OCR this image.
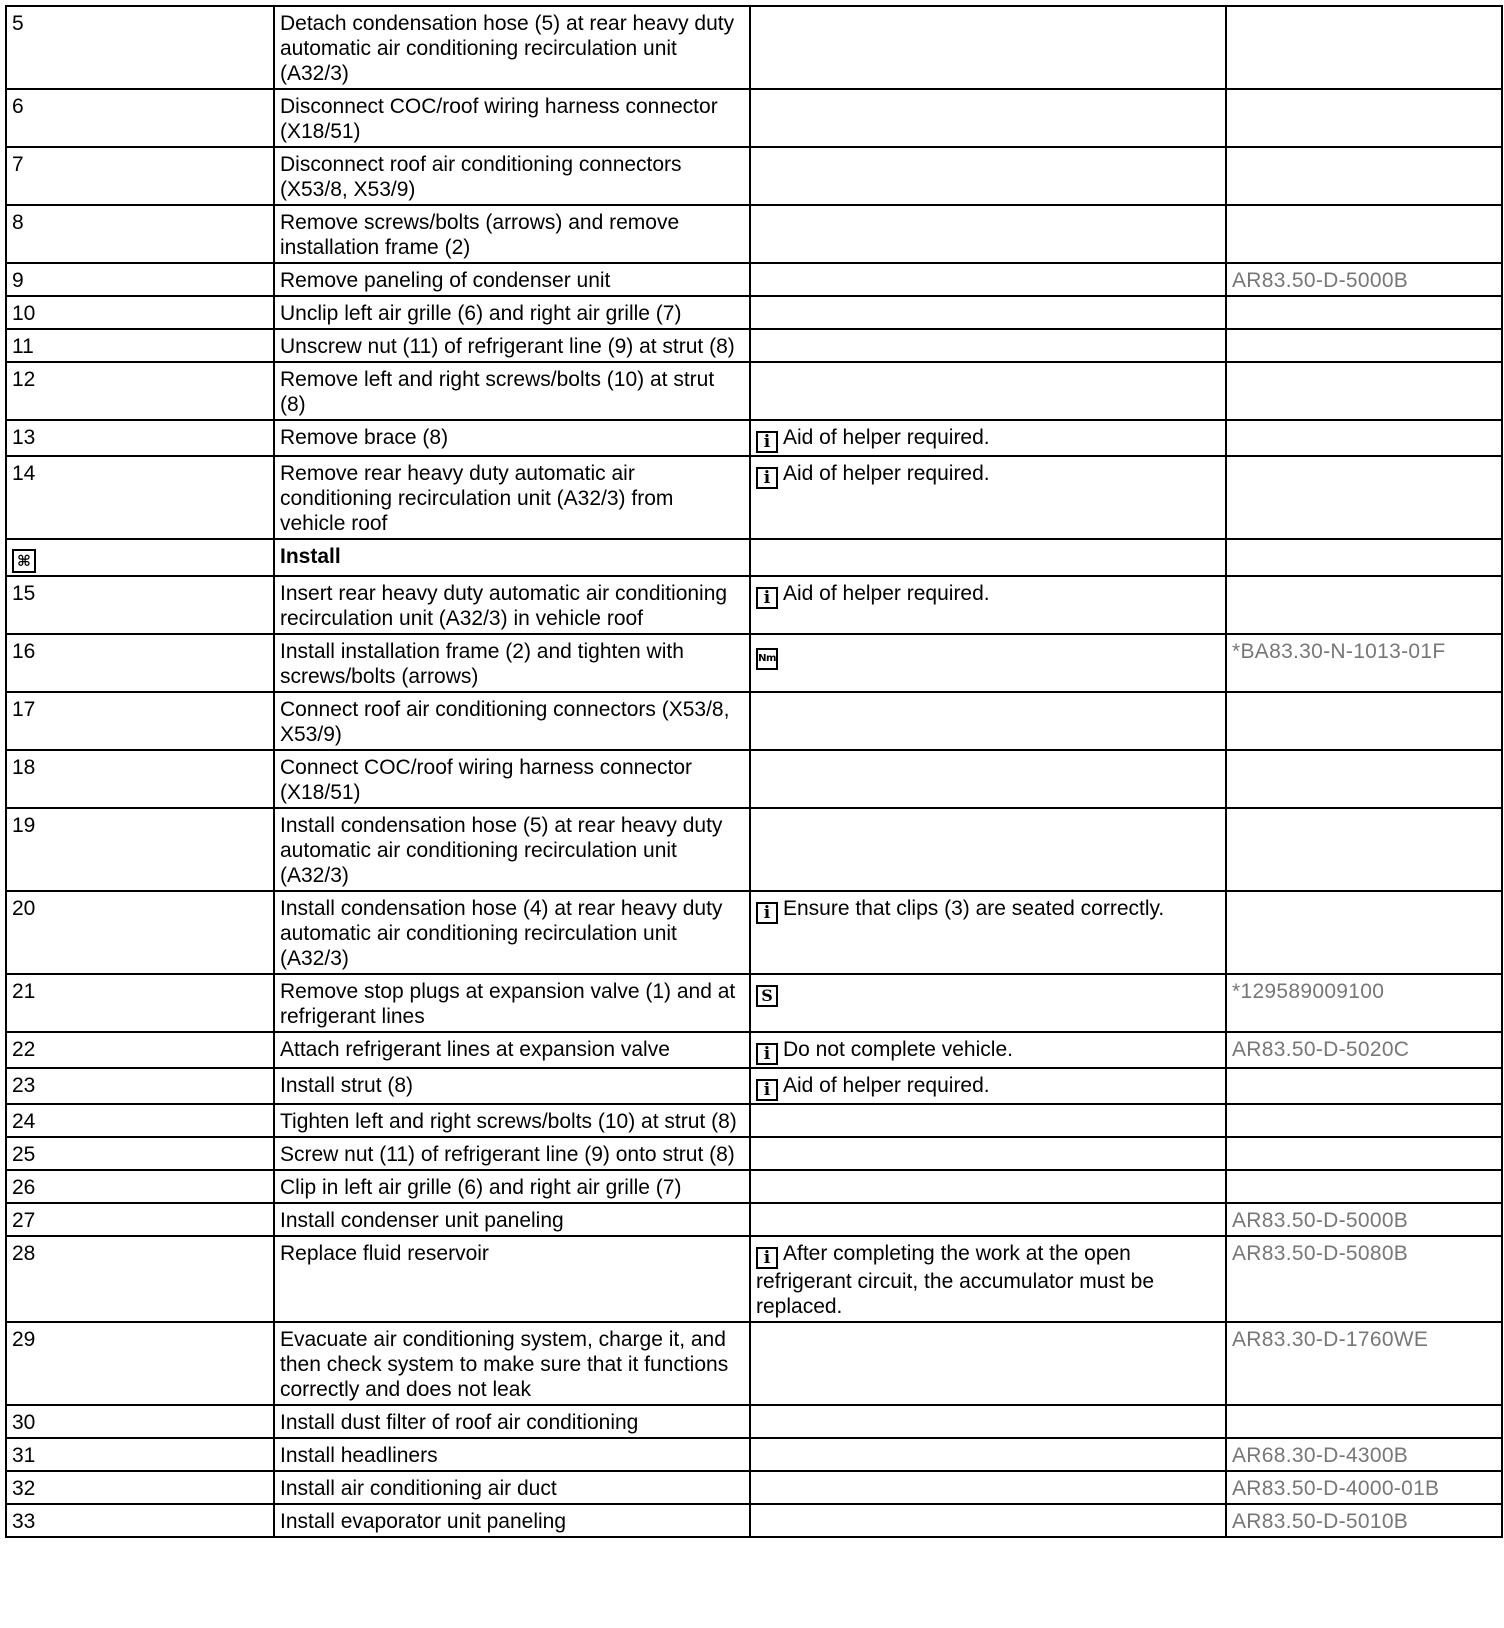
5	Detach condensation hose (5) at rear heavy duty automatic air conditioning recirculation unit (A32/3)		
6	Disconnect COC/roof wiring harness connector (X18/51)		
7	Disconnect roof air conditioning connectors (X53/8, X53/9)		
8	Remove screws/bolts (arrows) and remove installation frame (2)		
9	Remove paneling of condenser unit		AR83.50-D-5000B
10	Unclip left air grille (6) and right air grille (7)		
11	Unscrew nut (11) of refrigerant line (9) at strut (8)		
12	Remove left and right screws/bolts (10) at strut (8)		
13	Remove brace (8)	i Aid of helper required.	
14	Remove rear heavy duty automatic air conditioning recirculation unit (A32/3) from vehicle roof	i Aid of helper required.	
⌘	Install		
15	Insert rear heavy duty automatic air conditioning recirculation unit (A32/3) in vehicle roof	i Aid of helper required.	
16	Install installation frame (2) and tighten with screws/bolts (arrows)	Nm	*BA83.30-N-1013-01F
17	Connect roof air conditioning connectors (X53/8, X53/9)		
18	Connect COC/roof wiring harness connector (X18/51)		
19	Install condensation hose (5) at rear heavy duty automatic air conditioning recirculation unit (A32/3)		
20	Install condensation hose (4) at rear heavy duty automatic air conditioning recirculation unit (A32/3)	i Ensure that clips (3) are seated correctly.	
21	Remove stop plugs at expansion valve (1) and at refrigerant lines	S	*129589009100
22	Attach refrigerant lines at expansion valve	i Do not complete vehicle.	AR83.50-D-5020C
23	Install strut (8)	i Aid of helper required.	
24	Tighten left and right screws/bolts (10) at strut (8)		
25	Screw nut (11) of refrigerant line (9) onto strut (8)		
26	Clip in left air grille (6) and right air grille (7)		
27	Install condenser unit paneling		AR83.50-D-5000B
28	Replace fluid reservoir	i After completing the work at the open refrigerant circuit, the accumulator must be replaced.	AR83.50-D-5080B
29	Evacuate air conditioning system, charge it, and then check system to make sure that it functions correctly and does not leak		AR83.30-D-1760WE
30	Install dust filter of roof air conditioning		
31	Install headliners		AR68.30-D-4300B
32	Install air conditioning air duct		AR83.50-D-4000-01B
33	Install evaporator unit paneling		AR83.50-D-5010B
